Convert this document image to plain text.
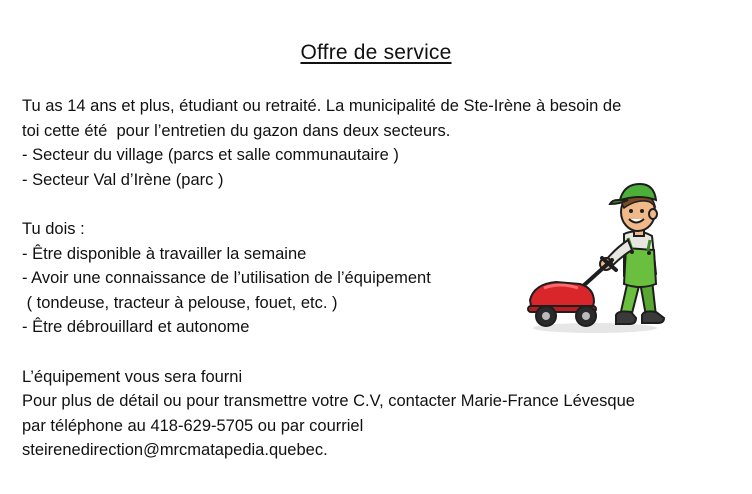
Offre de service
Tu as 14 ans et plus, étudiant ou retraité. La municipalité de Ste-Irène à besoin de
toi cette été  pour l’entretien du gazon dans deux secteurs.
- Secteur du village (parcs et salle communautaire )
- Secteur Val d’Irène (parc )
Tu dois :
- Être disponible à travailler la semaine
- Avoir une connaissance de l’utilisation de l’équipement
( tondeuse, tracteur à pelouse, fouet, etc. )
- Être débrouillard et autonome
L’équipement vous sera fourni
Pour plus de détail ou pour transmettre votre C.V, contacter Marie-France Lévesque
par téléphone au 418-629-5705 ou par courriel
steirenedirection@mrcmatapedia.quebec.
